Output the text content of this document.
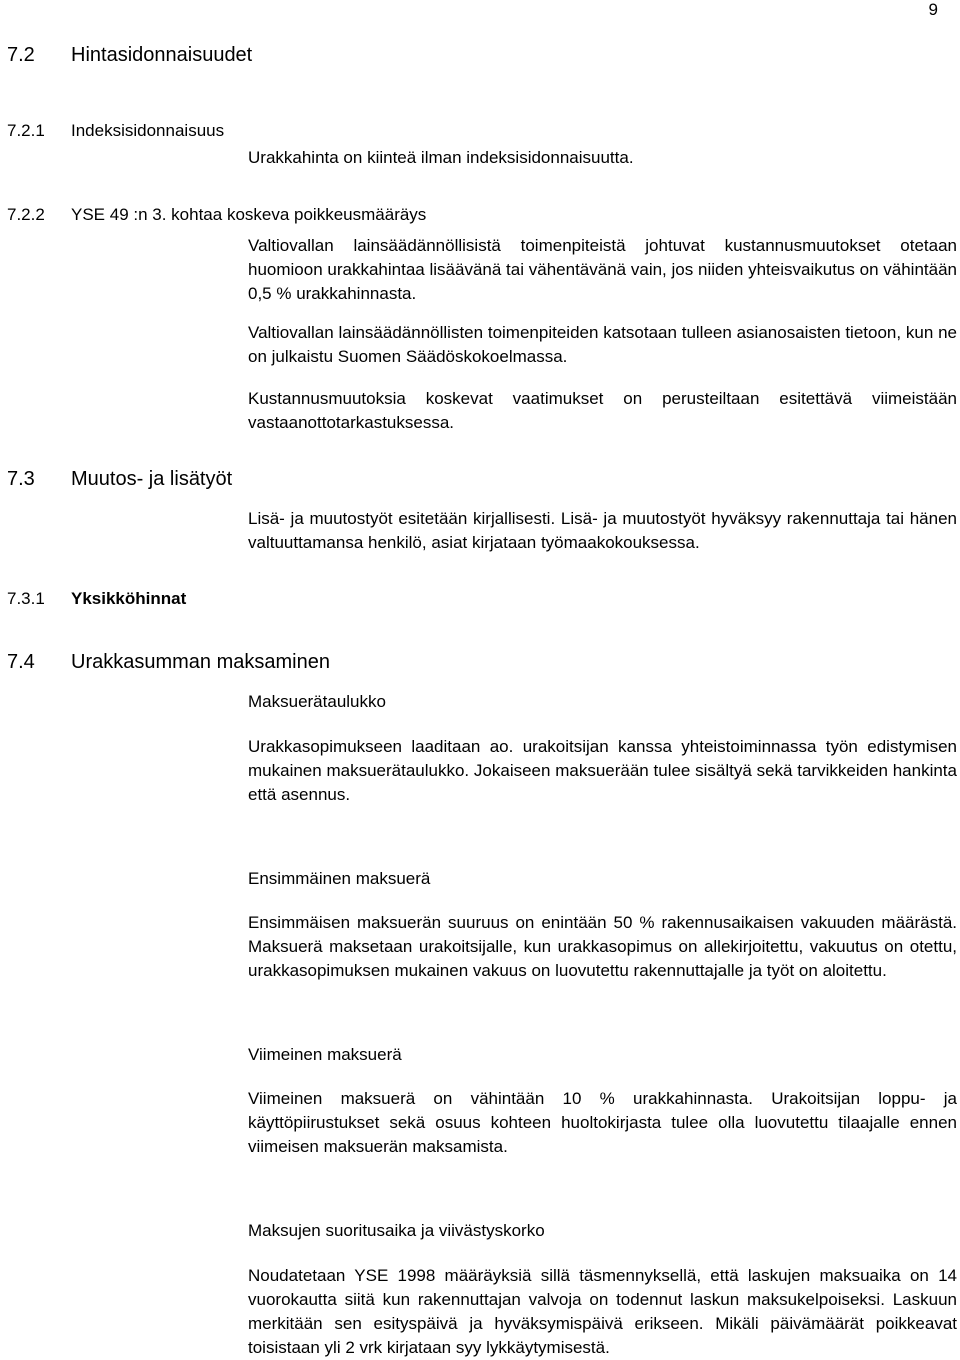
9
7.2 Hintasidonnaisuudet
7.2.1 Indeksisidonnaisuus
Urakkahinta on kiinteä ilman indeksisidonnaisuutta.
7.2.2 YSE 49 :n 3. kohtaa koskeva poikkeusmääräys
Valtiovallan lainsäädännöllisistä toimenpiteistä johtuvat kustannusmuutokset otetaan huomioon urakkahintaa lisäävänä tai vähentävänä vain, jos niiden yhteisvaikutus on vähintään 0,5 % urakkahinnasta.
Valtiovallan lainsäädännöllisten toimenpiteiden katsotaan tulleen asianosaisten tietoon, kun ne on julkaistu Suomen Säädöskokoelmassa.
Kustannusmuutoksia koskevat vaatimukset on perusteiltaan esitettävä viimeistään vastaanottotarkastuksessa.
7.3 Muutos- ja lisätyöt
Lisä- ja muutostyöt esitetään kirjallisesti. Lisä- ja muutostyöt hyväksyy rakennuttaja tai hänen valtuuttamansa henkilö, asiat kirjataan työmaakokouksessa.
7.3.1 Yksikköhinnat
7.4 Urakkasumman maksaminen
Maksuerätaulukko
Urakkasopimukseen laaditaan ao. urakoitsijan kanssa yhteistoiminnassa työn edistymisen mukainen maksuerätaulukko. Jokaiseen maksuerään tulee sisältyä sekä tarvikkeiden hankinta että asennus.
Ensimmäinen maksuerä
Ensimmäisen maksuerän suuruus on enintään 50 % rakennusaikaisen vakuuden määrästä. Maksuerä maksetaan urakoitsijalle, kun urakkasopimus on allekirjoitettu, vakuutus on otettu, urakkasopimuksen mukainen vakuus on luovutettu rakennuttajalle ja työt on aloitettu.
Viimeinen maksuerä
Viimeinen maksuerä on vähintään 10 % urakkahinnasta. Urakoitsijan loppu- ja käyttöpiirustukset sekä osuus kohteen huoltokirjasta tulee olla luovutettu tilaajalle ennen viimeisen maksuerän maksamista.
Maksujen suoritusaika ja viivästyskorko
Noudatetaan YSE 1998 määräyksiä sillä täsmennyksellä, että laskujen maksuaika on 14 vuorokautta siitä kun rakennuttajan valvoja on todennut laskun maksukelpoiseksi. Laskuun merkitään sen esityspäivä ja hyväksymispäivä erikseen. Mikäli päivämäärät poikkeavat toisistaan yli 2 vrk kirjataan syy lykkäytymisestä.
